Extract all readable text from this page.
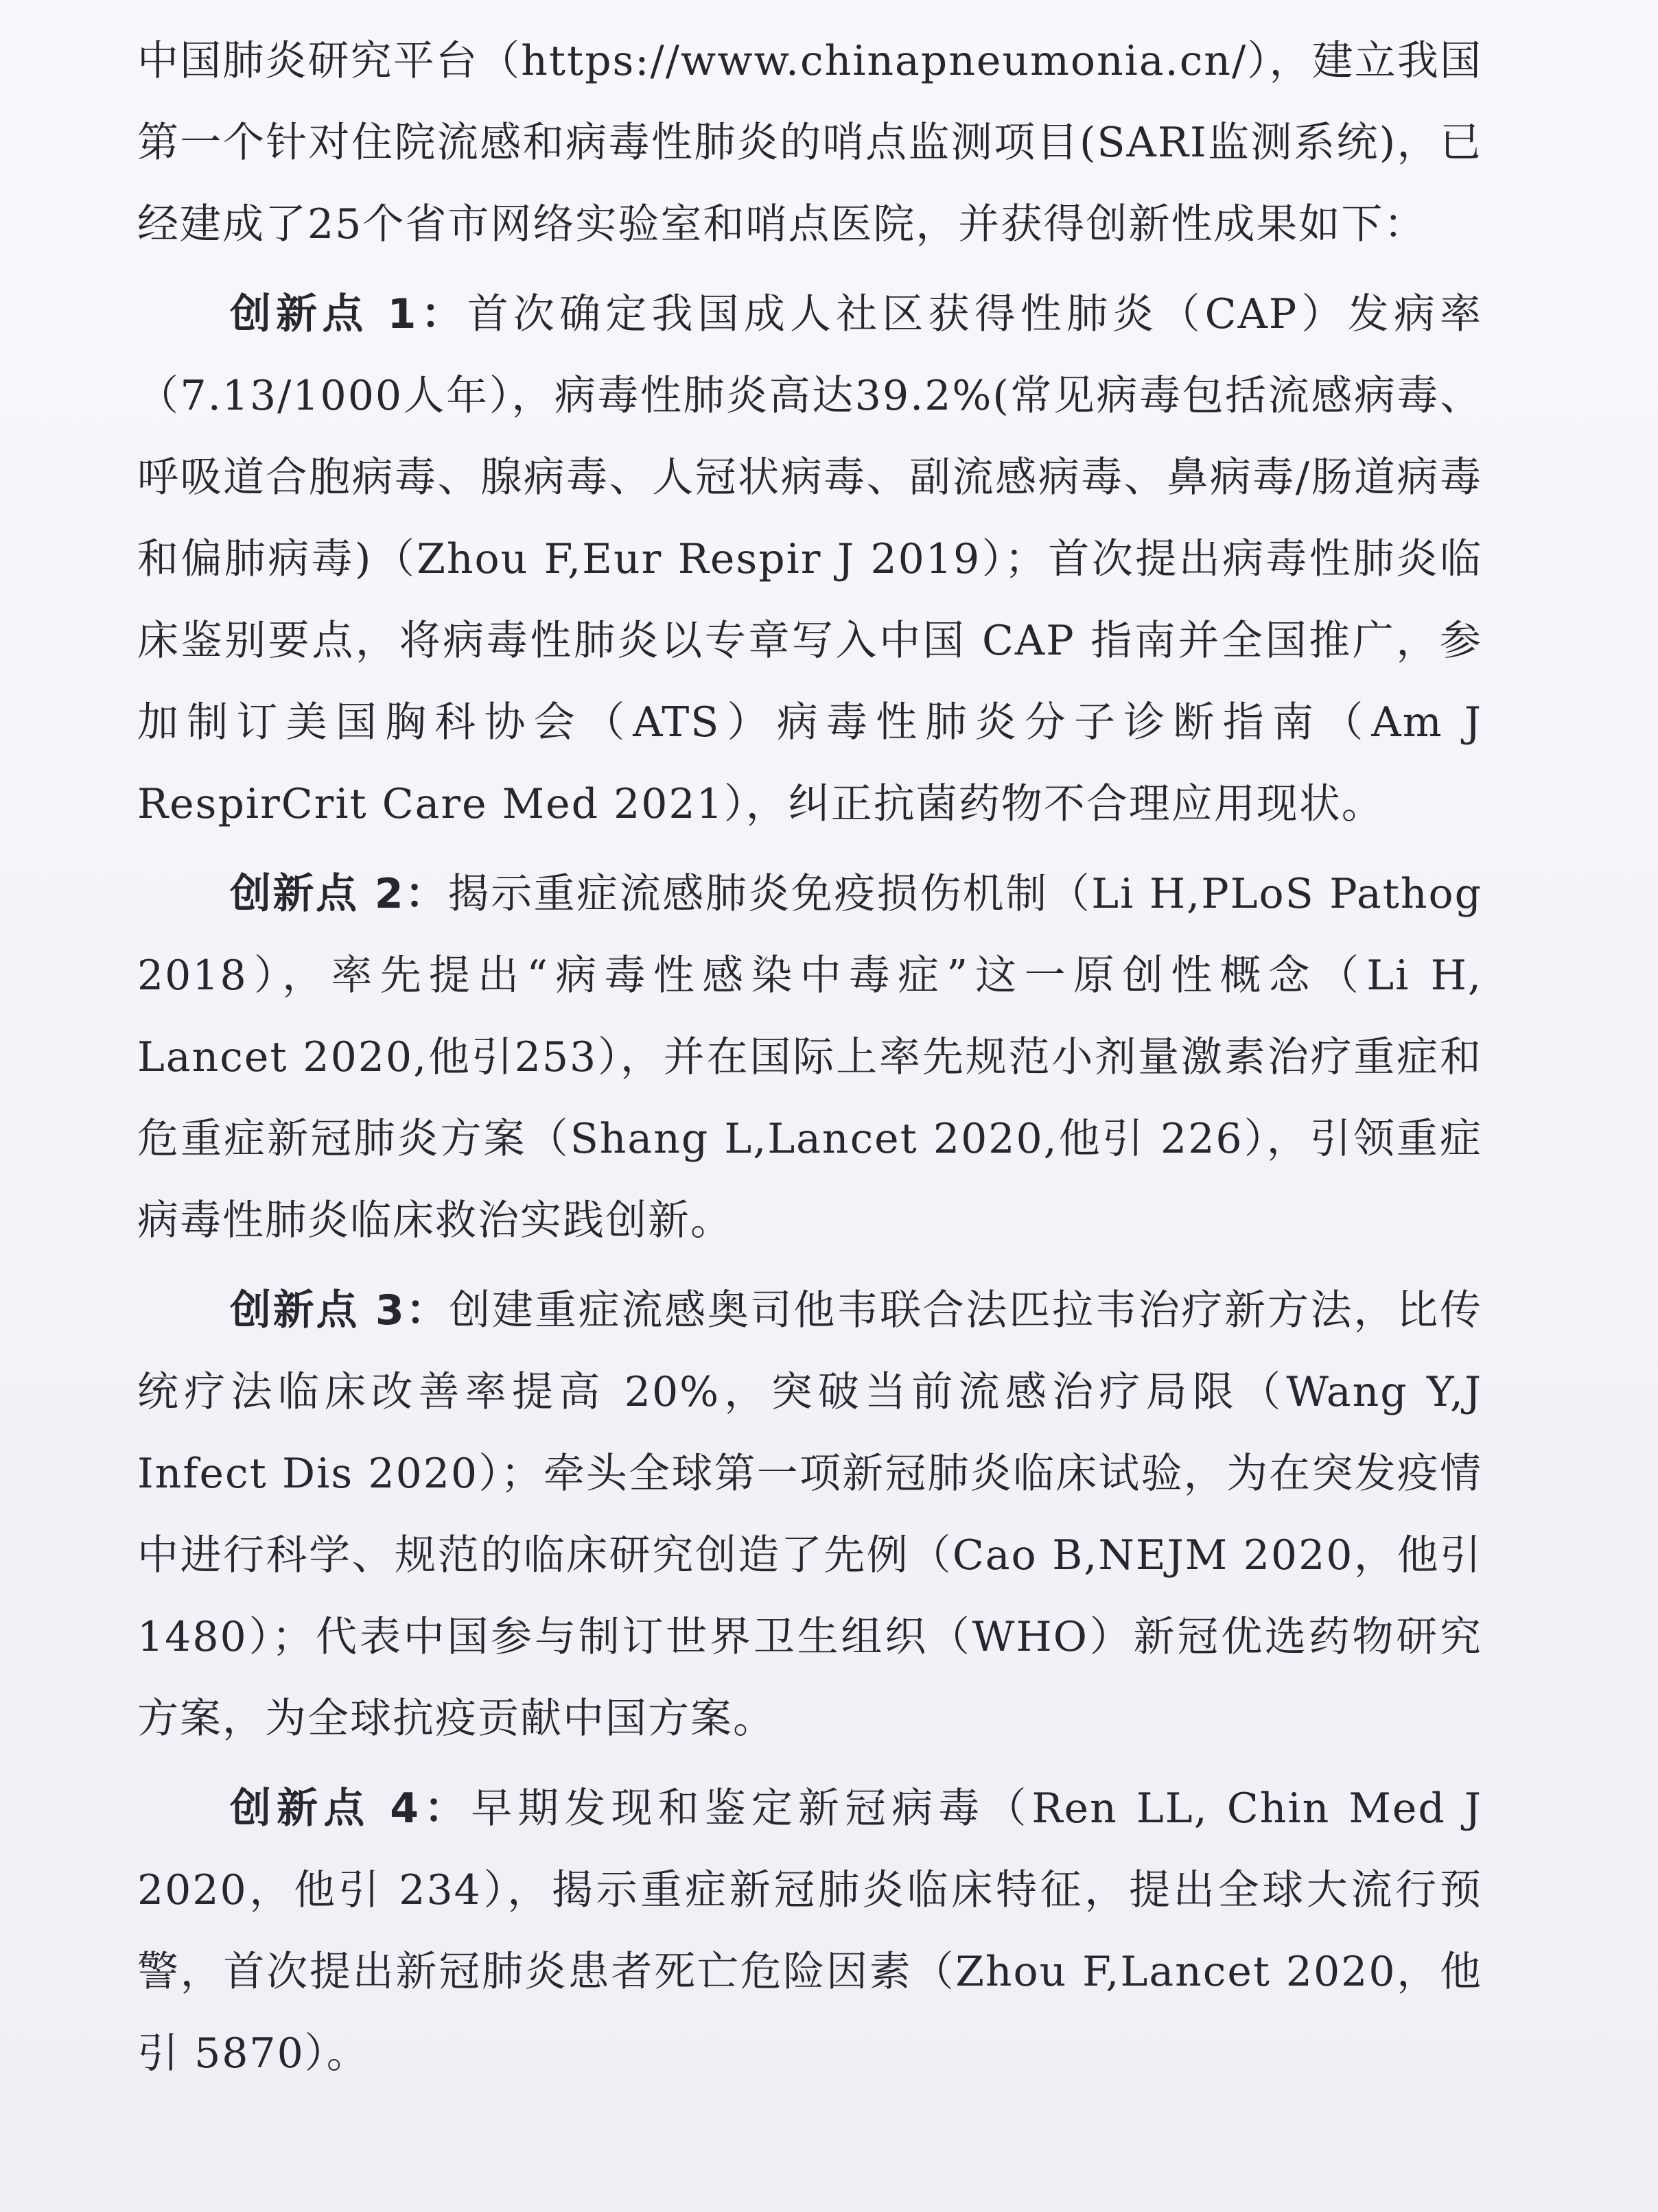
中国肺炎研究平台（https://www.chinapneumonia.cn/），建立我国第一个针对住院流感和病毒性肺炎的哨点监测项目(SARI监测系统)，已经建成了25个省市网络实验室和哨点医院，并获得创新性成果如下：

创新点 1：首次确定我国成人社区获得性肺炎（CAP）发病率（7.13/1000人年），病毒性肺炎高达39.2%(常见病毒包括流感病毒、呼吸道合胞病毒、腺病毒、人冠状病毒、副流感病毒、鼻病毒/肠道病毒和偏肺病毒)（Zhou F,Eur Respir J 2019）；首次提出病毒性肺炎临床鉴别要点，将病毒性肺炎以专章写入中国 CAP 指南并全国推广，参加制订美国胸科协会（ATS）病毒性肺炎分子诊断指南（Am J RespirCrit Care Med 2021），纠正抗菌药物不合理应用现状。

创新点 2：揭示重症流感肺炎免疫损伤机制（Li H,PLoS Pathog 2018），率先提出“病毒性感染中毒症”这一原创性概念（Li H, Lancet 2020,他引253），并在国际上率先规范小剂量激素治疗重症和危重症新冠肺炎方案（Shang L,Lancet 2020,他引 226），引领重症病毒性肺炎临床救治实践创新。

创新点 3：创建重症流感奥司他韦联合法匹拉韦治疗新方法，比传统疗法临床改善率提高 20%，突破当前流感治疗局限（Wang Y,J Infect Dis 2020）；牵头全球第一项新冠肺炎临床试验，为在突发疫情中进行科学、规范的临床研究创造了先例（Cao B,NEJM 2020，他引 1480）；代表中国参与制订世界卫生组织（WHO）新冠优选药物研究方案，为全球抗疫贡献中国方案。

创新点 4：早期发现和鉴定新冠病毒（Ren LL, Chin Med J 2020，他引 234），揭示重症新冠肺炎临床特征，提出全球大流行预警，首次提出新冠肺炎患者死亡危险因素（Zhou F,Lancet 2020，他引 5870）。
